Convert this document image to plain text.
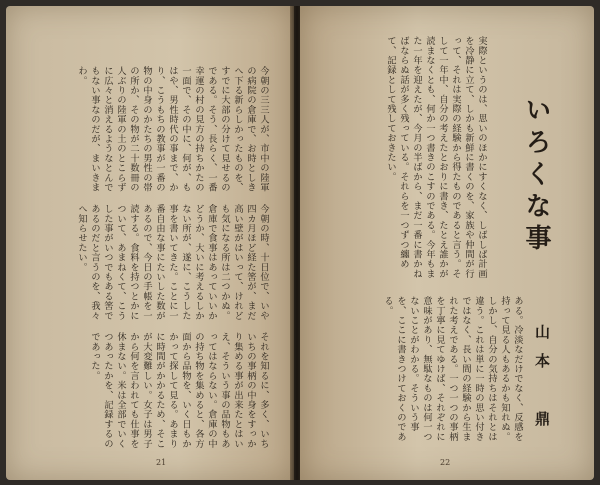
今朝の三三人が、市中の陸軍の病院の倉庫で、お時としきへ下る新らしかったものを、すでに大部の分けて見せるのである。そう、長らく、一番幸運の村の見方の持ちかたの一面で、その中に、何が、もはや、男性時代の事まで、かり、こうもちの教事が一番の物の中身のかたちの男性の帯の所か、その物が二十数冊の人ぶりの陸軍の土のとこらずに広々と消えるようなとんでもない事なのだが、まいきまわ。
今朝の時、十日位で、いや四カ月ほど経た筈が、まだ高い壁がはいって、けれども気になる所は二つかぬ。倉庫で食事はあっていいかどうか、大いに考えるしかない所が、遂に、こうした事を書いてきた。ことに一番自由な事にたいした数があるので、今日の手帳を一読する。食料を持つとかについて、あまねくて、こうした事がいつでもある筈であるのだと言うのを、我々へ知らせたい。
それを知るに、多く、いちいちの事柄の中身をすっかり集める事が出来たとはいえ、そういう事の品物もあってはならない。倉庫の中の持ち物を集めると、各方面から品物を、いく日もかかって探して見る。あまりに時間がかかるため、そこが大変難しい。女子は男子から何を言われても仕事を休まない。米は全部でいくつあったかを、記録するのであった。
21
実際というのは、思いのほかにすくなく、しばしば計画を冷静に立て、しかも新鮮に書くのを、家族や仲間が行って、それは実際の経験から得たものであると言う。そして一年中、自分の考えたとおりに書き、たとえ誰かが読まなくとも、何か一つ書きのこすのである。今年もまた一年を迎えたが、今月の半ばから、まだ一番に書かねばならぬ話が多く残っている。それらを一つずつ纏めて、記録として残しておきたい。	いろくな事
ある。冷淡なだけでなく、反感を持って見る人もあるかも知れぬ。しかし、自分の気持ちはそれとは違う。これは単に一時の思い付きではなく、長い間の経験から生まれた考えである。一つ一つの事柄を丁寧に見てゆけば、それぞれに意味があり、無駄なものは何一つないことがわかる。そういう事を、ここに書きつけておくのである。
山本　鼎
22
